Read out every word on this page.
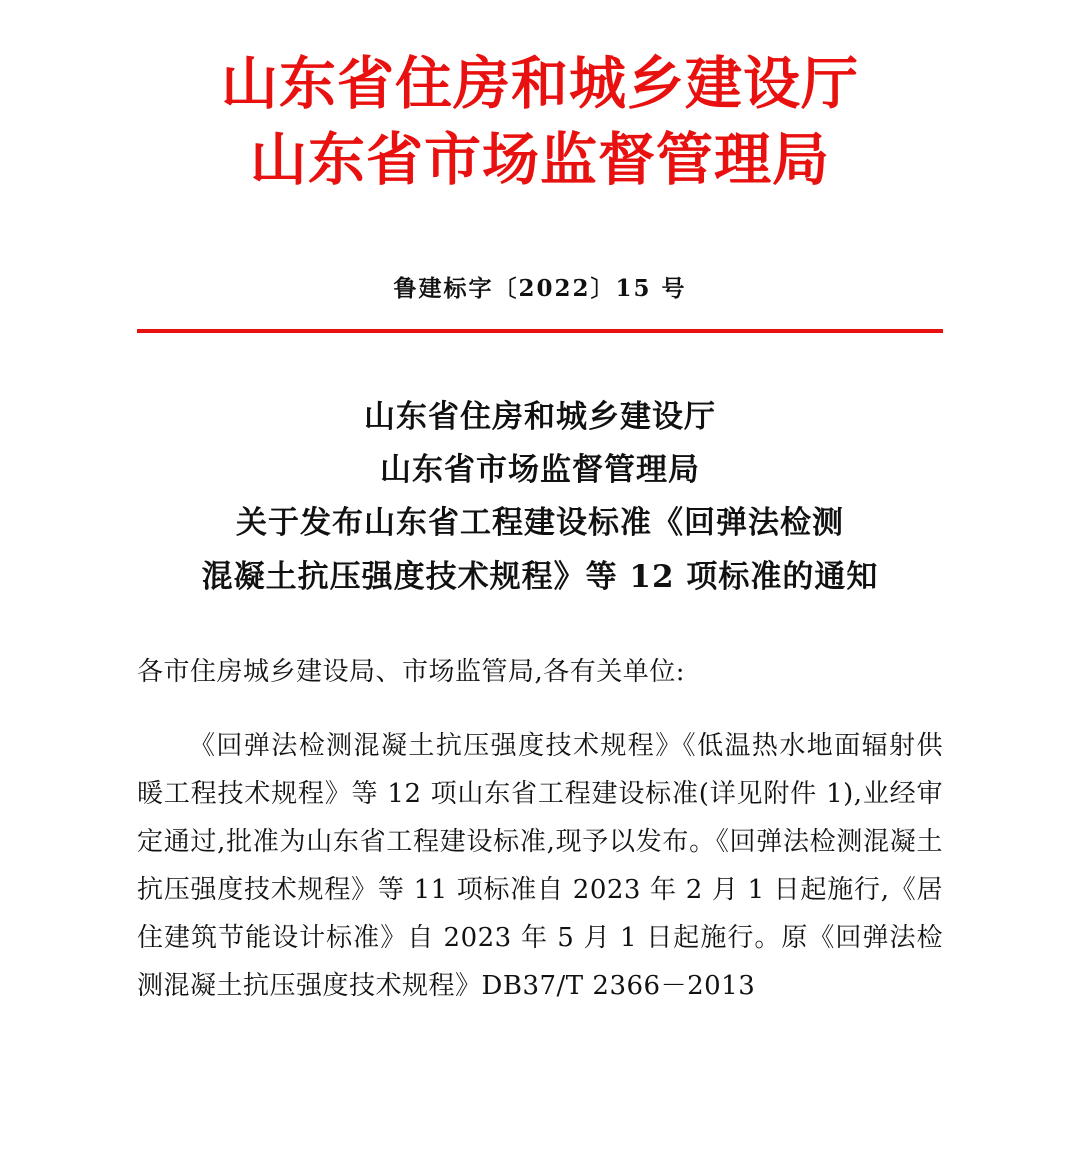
山东省住房和城乡建设厅
山东省市场监督管理局
鲁建标字〔2022〕15 号
山东省住房和城乡建设厅
山东省市场监督管理局
关于发布山东省工程建设标准《回弹法检测
混凝土抗压强度技术规程》等 12 项标准的通知

各市住房城乡建设局、市场监管局,各有关单位:

《回弹法检测混凝土抗压强度技术规程》《低温热水地面辐射供暖工程技术规程》等 12 项山东省工程建设标准(详见附件 1),业经审定通过,批准为山东省工程建设标准,现予以发布。《回弹法检测混凝土抗压强度技术规程》等 11 项标准自 2023 年 2 月 1 日起施行,《居住建筑节能设计标准》自 2023 年 5 月 1 日起施行。原《回弹法检测混凝土抗压强度技术规程》DB37/T 2366－2013
